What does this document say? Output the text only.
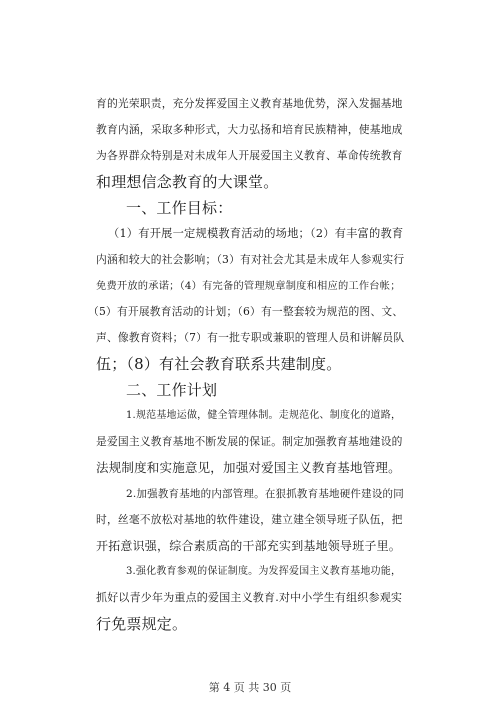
育的光荣职责，充分发挥爱国主义教育基地优势，深入发掘基地
教育内涵，采取多种形式，大力弘扬和培育民族精神，使基地成
为各界群众特别是对未成年人开展爱国主义教育、革命传统教育
和理想信念教育的大课堂。
一、工作目标：
（1）有开展一定规模教育活动的场地；（2）有丰富的教育
内涵和较大的社会影响；（3）有对社会尤其是未成年人参观实行
免费开放的承诺；（4）有完备的管理规章制度和相应的工作台帐；
（5）有开展教育活动的计划；（6）有一整套较为规范的图、文、
声、像教育资料；（7）有一批专职或兼职的管理人员和讲解员队
伍；（8）有社会教育联系共建制度。
二、工作计划
1.规范基地运做，健全管理体制。走规范化、制度化的道路，
是爱国主义教育基地不断发展的保证。制定加强教育基地建设的
法规制度和实施意见，加强对爱国主义教育基地管理。
2.加强教育基地的内部管理。在狠抓教育基地硬件建设的同
时，丝毫不放松对基地的软件建设，建立建全领导班子队伍，把
开拓意识强，综合素质高的干部充实到基地领导班子里。
3.强化教育参观的保证制度。为发挥爱国主义教育基地功能，
抓好以青少年为重点的爱国主义教育.对中小学生有组织参观实
行免票规定。
第 4 页 共 30 页
